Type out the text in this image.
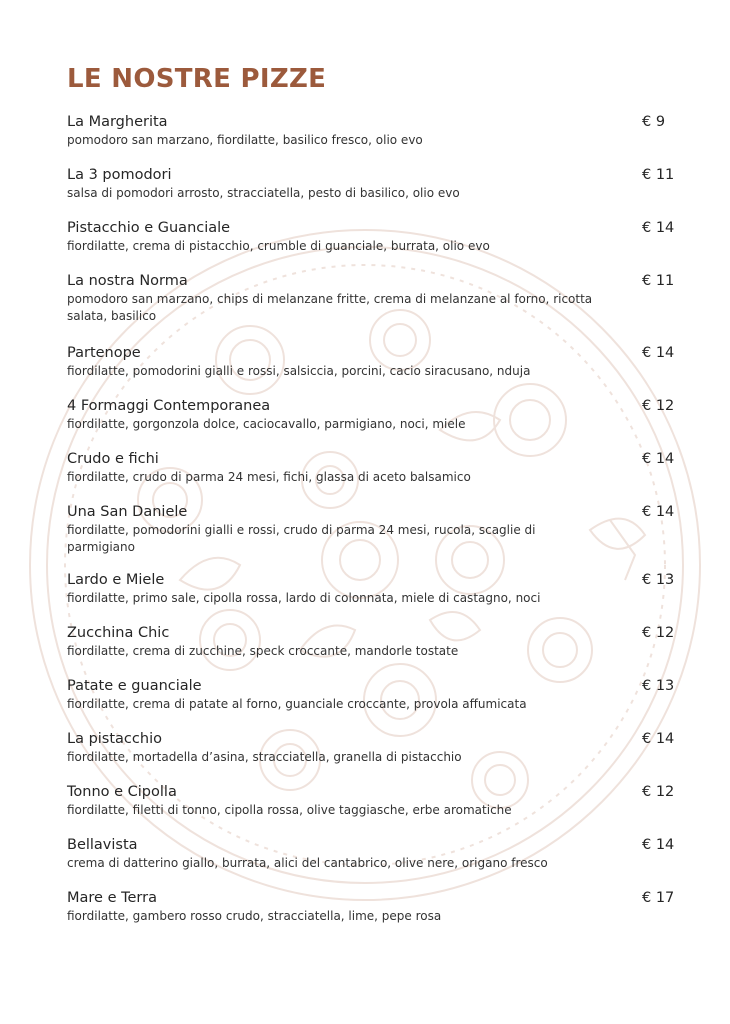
LE NOSTRE PIZZE
La Margherita	€ 9
pomodoro san marzano, fiordilatte, basilico fresco, olio evo
La 3 pomodori	€ 11
salsa di pomodori arrosto, stracciatella, pesto di basilico, olio evo
Pistacchio e Guanciale	€ 14
fiordilatte, crema di pistacchio, crumble di guanciale, burrata, olio evo
La nostra Norma	€ 11
pomodoro san marzano, chips di melanzane fritte, crema di melanzane al forno, ricotta salata, basilico
Partenope	€ 14
fiordilatte, pomodorini gialli e rossi, salsiccia, porcini, cacio siracusano, nduja
4 Formaggi Contemporanea	€ 12
fiordilatte, gorgonzola dolce, caciocavallo, parmigiano, noci, miele
Crudo e fichi	€ 14
fiordilatte, crudo di parma 24 mesi, fichi, glassa di aceto balsamico
Una San Daniele	€ 14
fiordilatte, pomodorini gialli e rossi, crudo di parma 24 mesi, rucola, scaglie di parmigiano
Lardo e Miele	€ 13
fiordilatte, primo sale, cipolla rossa, lardo di colonnata, miele di castagno, noci
Zucchina Chic	€ 12
fiordilatte, crema di zucchine, speck croccante, mandorle tostate
Patate e guanciale	€ 13
fiordilatte, crema di patate al forno, guanciale croccante, provola affumicata
La pistacchio	€ 14
fiordilatte, mortadella d’asina, stracciatella, granella di pistacchio
Tonno e Cipolla	€ 12
fiordilatte, filetti di tonno, cipolla rossa, olive taggiasche, erbe aromatiche
Bellavista	€ 14
crema di datterino giallo, burrata, alici del cantabrico, olive nere, origano fresco
Mare e Terra	€ 17
fiordilatte, gambero rosso crudo, stracciatella, lime, pepe rosa
